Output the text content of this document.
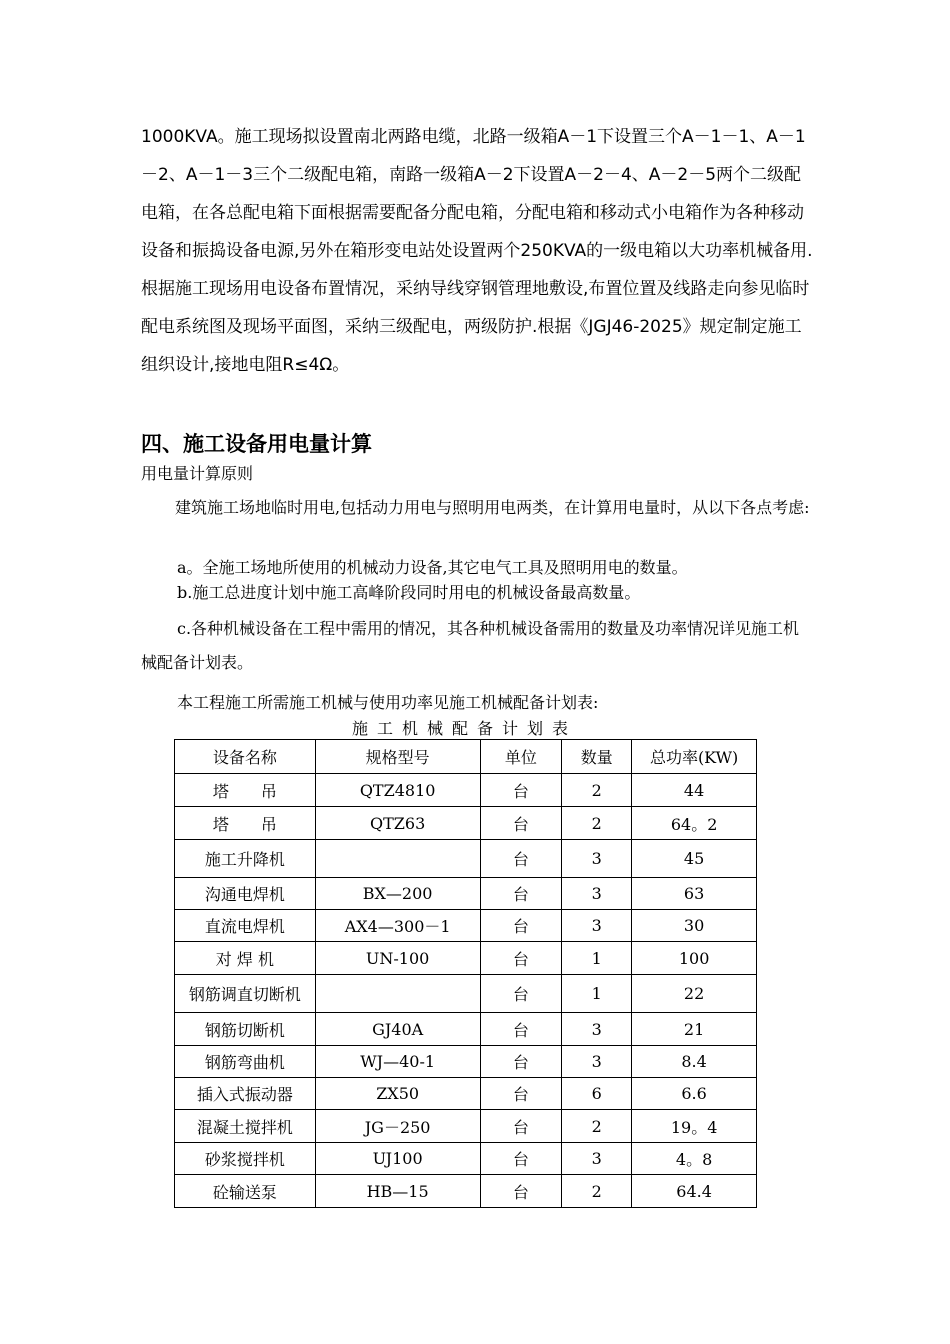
1000KVA。施工现场拟设置南北两路电缆，北路一级箱A－1下设置三个A－1－1、A－1－2、A－1－3三个二级配电箱，南路一级箱A－2下设置A－2－4、A－2－5两个二级配电箱，在各总配电箱下面根据需要配备分配电箱，分配电箱和移动式小电箱作为各种移动设备和振捣设备电源,另外在箱形变电站处设置两个250KVA的一级电箱以大功率机械备用.根据施工现场用电设备布置情况，采纳导线穿钢管理地敷设,布置位置及线路走向参见临时配电系统图及现场平面图，采纳三级配电，两级防护.根据《JGJ46-2025》规定制定施工组织设计,接地电阻R≤4Ω。

四、施工设备用电量计算

用电量计算原则

建筑施工场地临时用电,包括动力用电与照明用电两类，在计算用电量时，从以下各点考虑:

a。全施工场地所使用的机械动力设备,其它电气工具及照明用电的数量。

b.施工总进度计划中施工高峰阶段同时用电的机械设备最高数量。

c.各种机械设备在工程中需用的情况，其各种机械设备需用的数量及功率情况详见施工机械配备计划表。

本工程施工所需施工机械与使用功率见施工机械配备计划表:

施工机械配备计划表

设备名称	规格型号	单位	数量	总功率(KW)
塔　　吊	QTZ4810	台	2	44
塔　　吊	QTZ63	台	2	64。2
施工升降机		台	3	45
沟通电焊机	BX—200	台	3	63
直流电焊机	AX4—300－1	台	3	30
对 焊 机	UN-100	台	1	100
钢筋调直切断机		台	1	22
钢筋切断机	GJ40A	台	3	21
钢筋弯曲机	WJ—40-1	台	3	8.4
插入式振动器	ZX50	台	6	6.6
混凝土搅拌机	JG－250	台	2	19。4
砂浆搅拌机	UJ100	台	3	4。8
砼输送泵	HB—15	台	2	64.4
